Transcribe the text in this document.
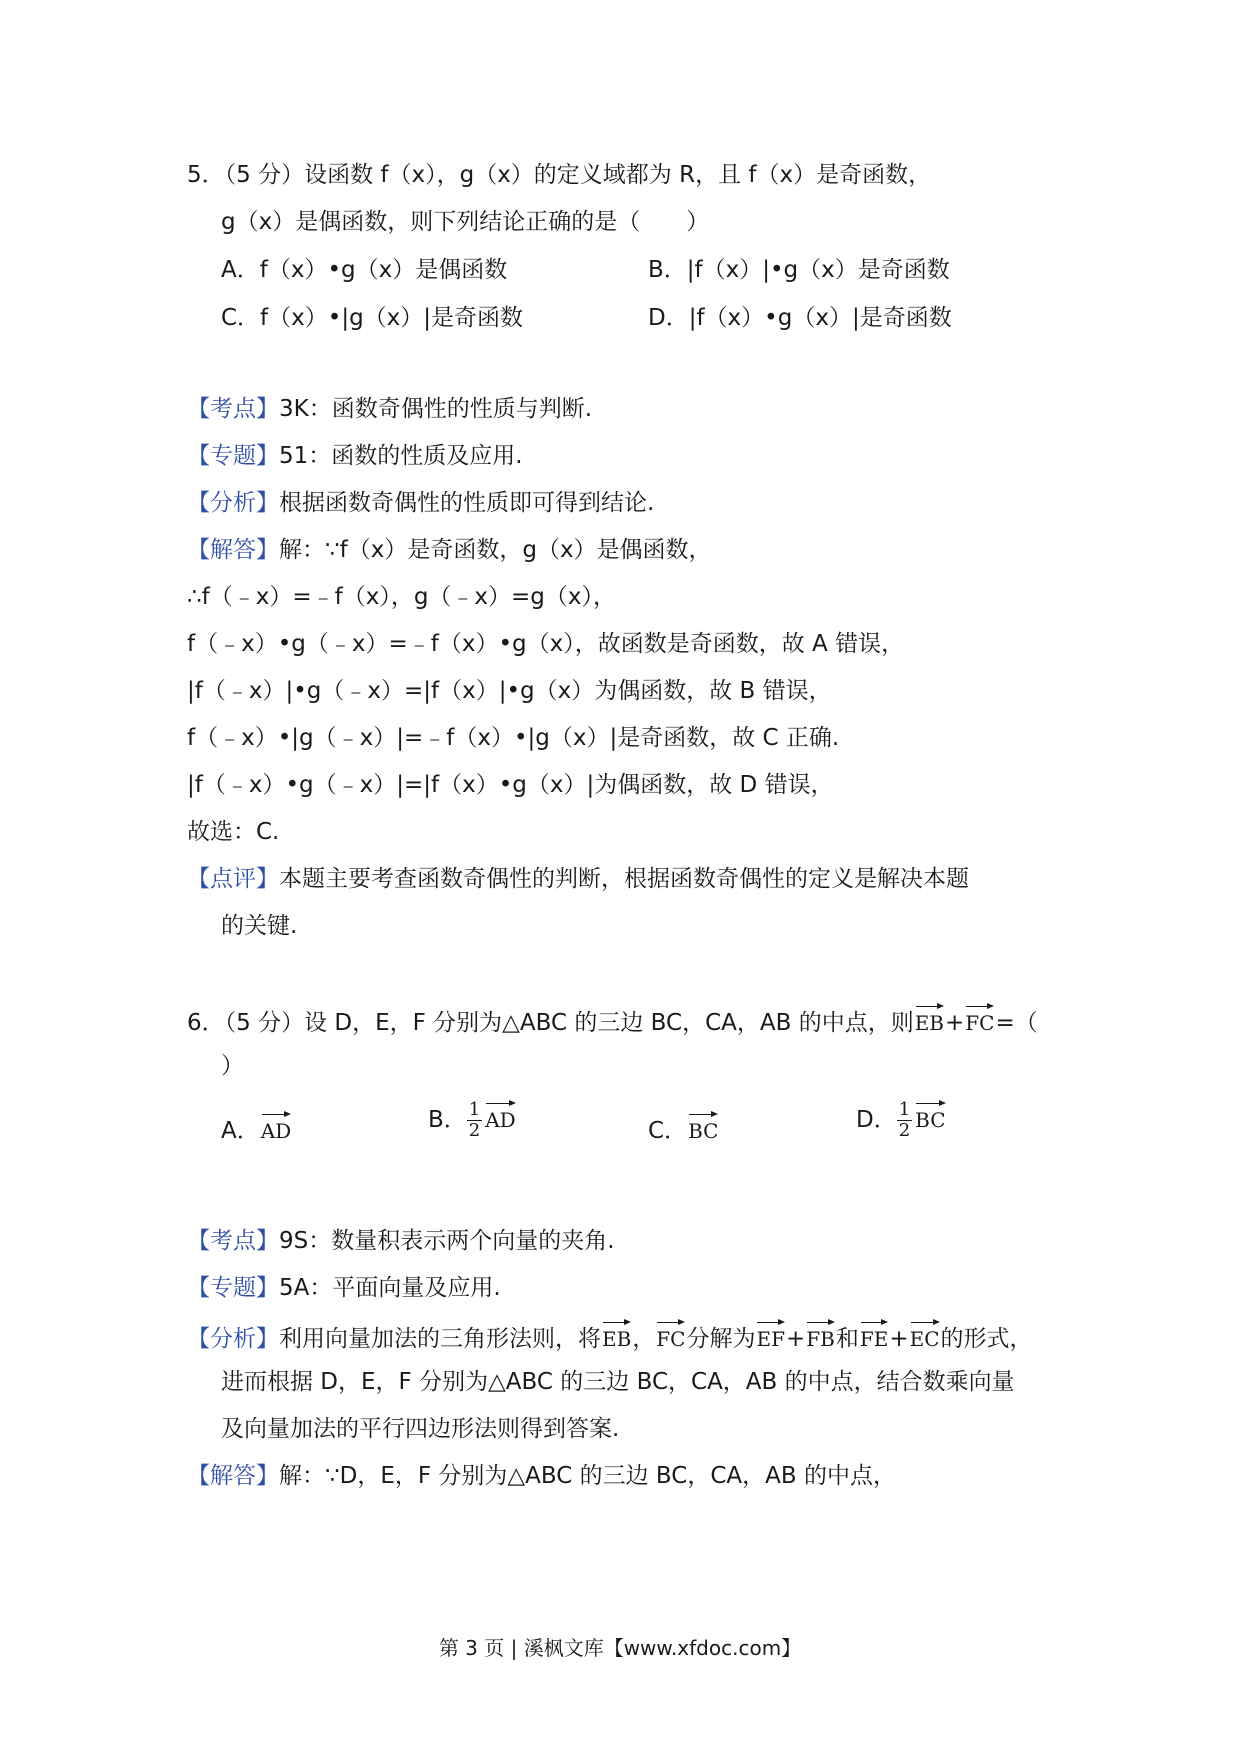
5．（5 分）设函数 f（x），g（x）的定义域都为 R，且 f（x）是奇函数，
g（x）是偶函数，则下列结论正确的是（　　）
A．f（x）•g（x）是偶函数	B．|f（x）|•g（x）是奇函数
C．f（x）•|g（x）|是奇函数	D．|f（x）•g（x）|是奇函数
【考点】3K：函数奇偶性的性质与判断.
【专题】51：函数的性质及应用.
【分析】根据函数奇偶性的性质即可得到结论.
【解答】解：∵f（x）是奇函数，g（x）是偶函数，
∴f（﹣x）=﹣f（x），g（﹣x）=g（x），
f（﹣x）•g（﹣x）=﹣f（x）•g（x），故函数是奇函数，故 A 错误，
|f（﹣x）|•g（﹣x）=|f（x）|•g（x）为偶函数，故 B 错误，
f（﹣x）•|g（﹣x）|=﹣f（x）•|g（x）|是奇函数，故 C 正确.
|f（﹣x）•g（﹣x）|=|f（x）•g（x）|为偶函数，故 D 错误，
故选：C.
【点评】本题主要考查函数奇偶性的判断，根据函数奇偶性的定义是解决本题
的关键.
6．（5 分）设 D，E，F 分别为△ABC 的三边 BC，CA，AB 的中点，则EB+FC=（
）
A．AD	B． $\frac{1}{2}$ AD	C．BC	D． $\frac{1}{2}$ BC
【考点】9S：数量积表示两个向量的夹角.
【专题】5A：平面向量及应用.
【分析】利用向量加法的三角形法则，将EB，FC分解为EF+FB和FE+EC的形式，
进而根据 D，E，F 分别为△ABC 的三边 BC，CA，AB 的中点，结合数乘向量
及向量加法的平行四边形法则得到答案.
【解答】解：∵D，E，F 分别为△ABC 的三边 BC，CA，AB 的中点，
第 3 页 | 溪枫文库【www.xfdoc.com】
